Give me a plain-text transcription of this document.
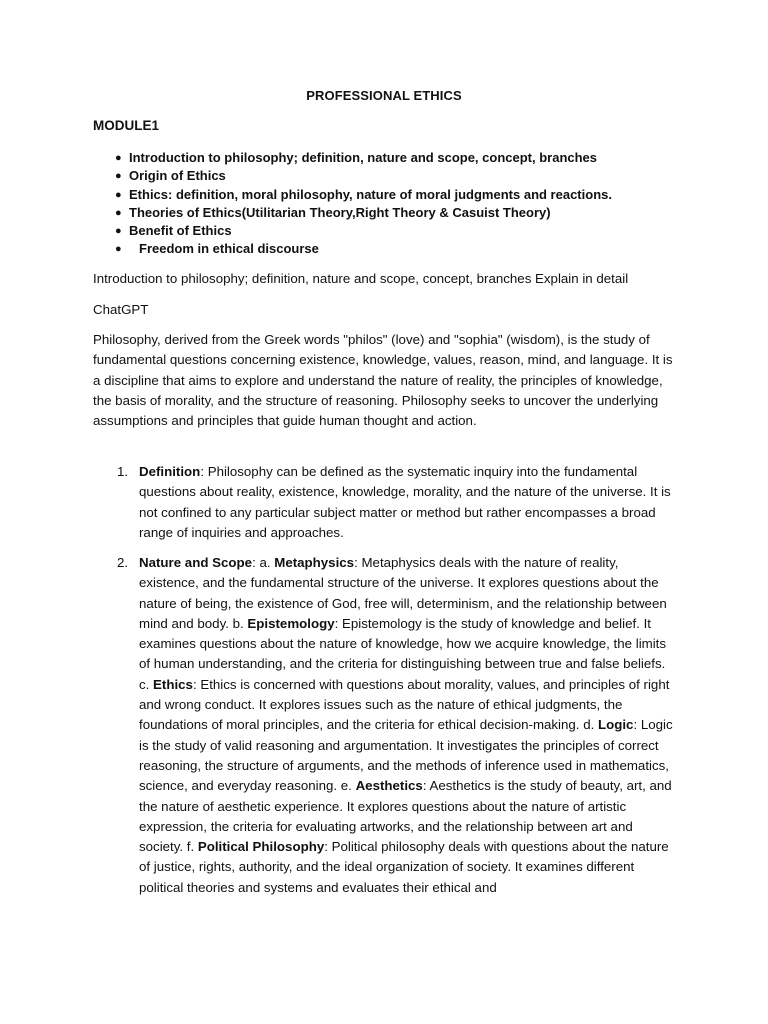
PROFESSIONAL ETHICS
MODULE1
● Introduction to philosophy; definition, nature and scope, concept, branches
● Origin of Ethics
● Ethics: definition, moral philosophy, nature of moral judgments and reactions.
● Theories of Ethics(Utilitarian Theory,Right Theory & Casuist Theory)
● Benefit of Ethics
● Freedom in ethical discourse

Introduction to philosophy; definition, nature and scope, concept, branches Explain in detail

ChatGPT

Philosophy, derived from the Greek words "philos" (love) and "sophia" (wisdom), is the study of fundamental questions concerning existence, knowledge, values, reason, mind, and language. It is a discipline that aims to explore and understand the nature of reality, the principles of knowledge, the basis of morality, and the structure of reasoning. Philosophy seeks to uncover the underlying assumptions and principles that guide human thought and action.

1. Definition: Philosophy can be defined as the systematic inquiry into the fundamental questions about reality, existence, knowledge, morality, and the nature of the universe. It is not confined to any particular subject matter or method but rather encompasses a broad range of inquiries and approaches.
2. Nature and Scope: a. Metaphysics: Metaphysics deals with the nature of reality, existence, and the fundamental structure of the universe. It explores questions about the nature of being, the existence of God, free will, determinism, and the relationship between mind and body. b. Epistemology: Epistemology is the study of knowledge and belief. It examines questions about the nature of knowledge, how we acquire knowledge, the limits of human understanding, and the criteria for distinguishing between true and false beliefs. c. Ethics: Ethics is concerned with questions about morality, values, and principles of right and wrong conduct. It explores issues such as the nature of ethical judgments, the foundations of moral principles, and the criteria for ethical decision-making. d. Logic: Logic is the study of valid reasoning and argumentation. It investigates the principles of correct reasoning, the structure of arguments, and the methods of inference used in mathematics, science, and everyday reasoning. e. Aesthetics: Aesthetics is the study of beauty, art, and the nature of aesthetic experience. It explores questions about the nature of artistic expression, the criteria for evaluating artworks, and the relationship between art and society. f. Political Philosophy: Political philosophy deals with questions about the nature of justice, rights, authority, and the ideal organization of society. It examines different political theories and systems and evaluates their ethical and
